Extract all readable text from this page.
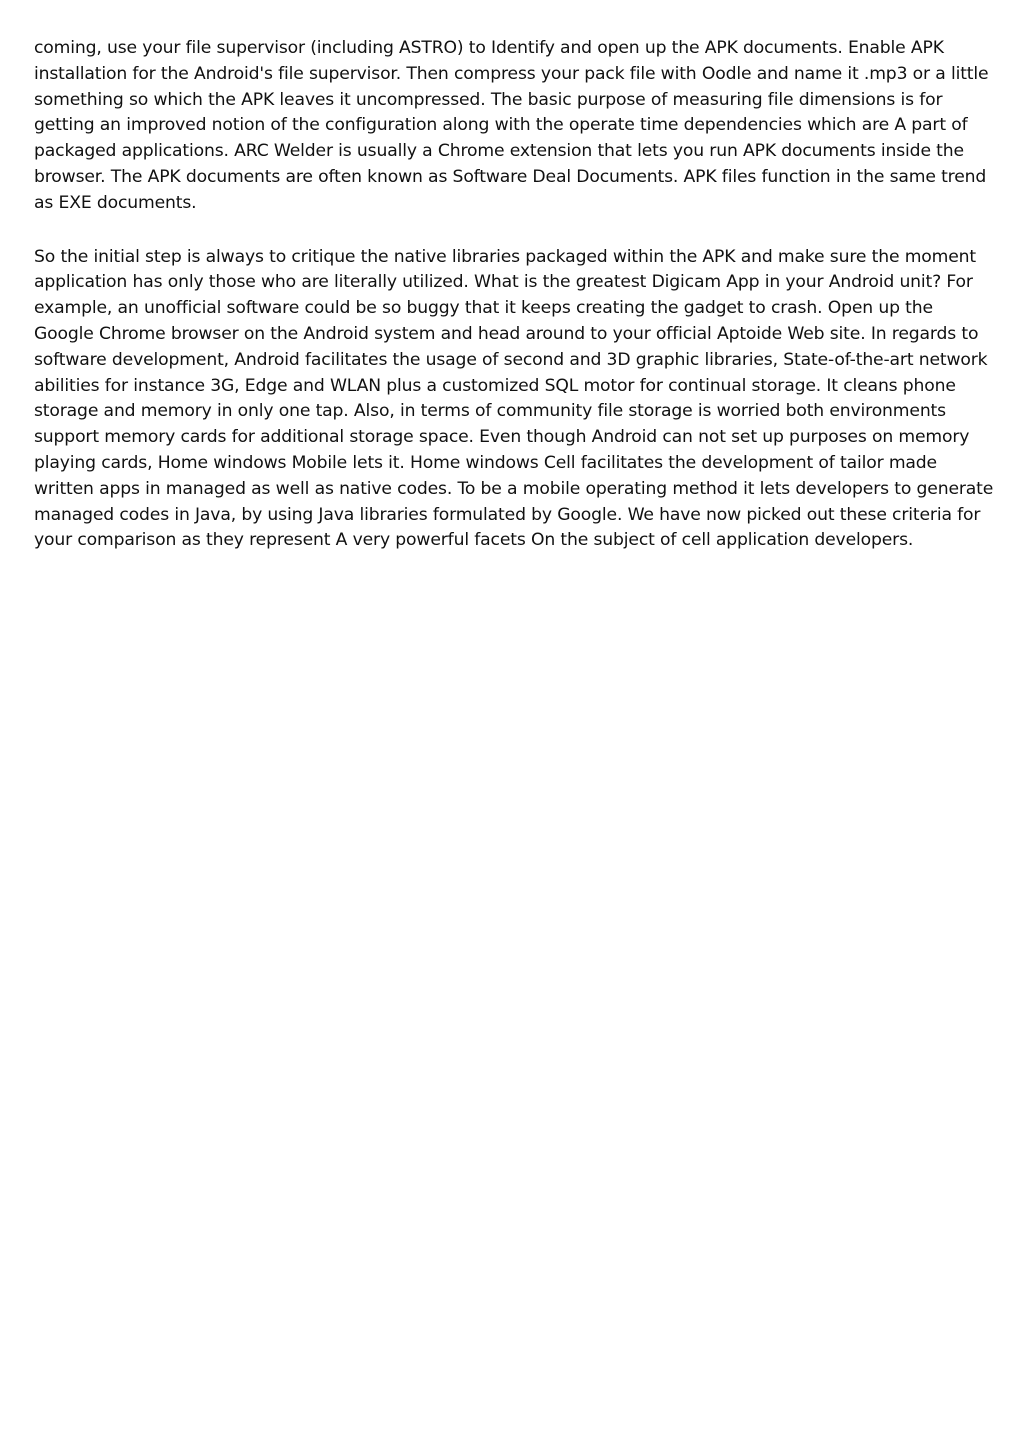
coming, use your file supervisor (including ASTRO) to Identify and open up the APK documents. Enable APK installation for the Android's file supervisor. Then compress your pack file with Oodle and name it .mp3 or a little something so which the APK leaves it uncompressed. The basic purpose of measuring file dimensions is for getting an improved notion of the configuration along with the operate time dependencies which are A part of packaged applications. ARC Welder is usually a Chrome extension that lets you run APK documents inside the browser. The APK documents are often known as Software Deal Documents. APK files function in the same trend as EXE documents.

So the initial step is always to critique the native libraries packaged within the APK and make sure the moment application has only those who are literally utilized. What is the greatest Digicam App in your Android unit? For example, an unofficial software could be so buggy that it keeps creating the gadget to crash. Open up the Google Chrome browser on the Android system and head around to your official Aptoide Web site. In regards to software development, Android facilitates the usage of second and 3D graphic libraries, State-of-the-art network abilities for instance 3G, Edge and WLAN plus a customized SQL motor for continual storage. It cleans phone storage and memory in only one tap. Also, in terms of community file storage is worried both environments support memory cards for additional storage space. Even though Android can not set up purposes on memory playing cards, Home windows Mobile lets it. Home windows Cell facilitates the development of tailor made written apps in managed as well as native codes. To be a mobile operating method it lets developers to generate managed codes in Java, by using Java libraries formulated by Google. We have now picked out these criteria for your comparison as they represent A very powerful facets On the subject of cell application developers.
